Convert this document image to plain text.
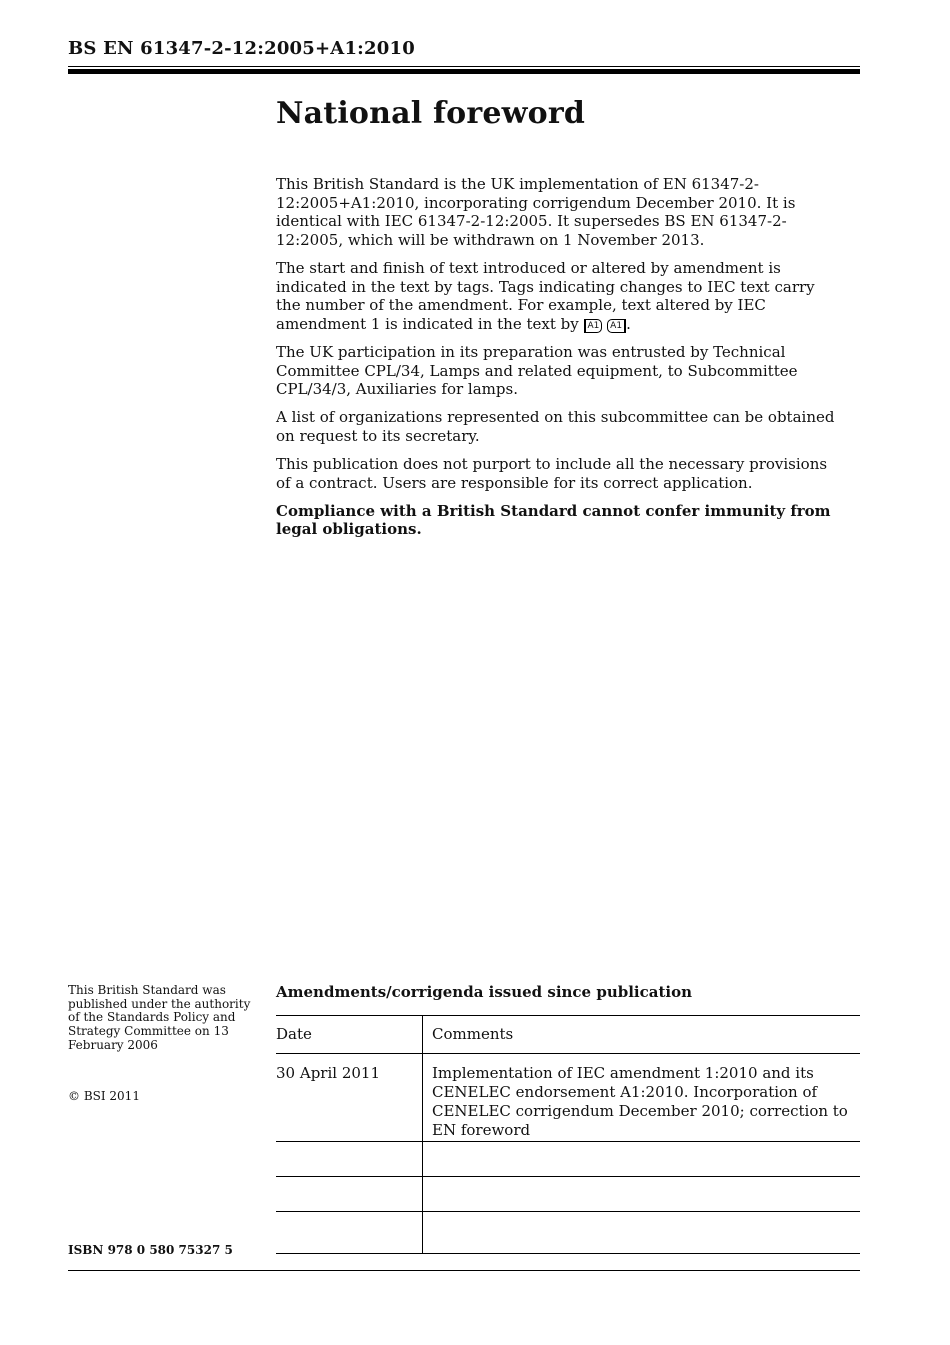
BS EN 61347-2-12:2005+A1:2010
National foreword

This British Standard is the UK implementation of EN 61347-2-12:2005+A1:2010, incorporating corrigendum December 2010. It is identical with IEC 61347-2-12:2005. It supersedes BS EN 61347-2-12:2005, which will be withdrawn on 1 November 2013.

The start and finish of text introduced or altered by amendment is indicated in the text by tags. Tags indicating changes to IEC text carry the number of the amendment. For example, text altered by IEC amendment 1 is indicated in the text by A1 A1 .

The UK participation in its preparation was entrusted by Technical Committee CPL/34, Lamps and related equipment, to Subcommittee CPL/34/3, Auxiliaries for lamps.

A list of organizations represented on this subcommittee can be obtained on request to its secretary.

This publication does not purport to include all the necessary provisions of a contract. Users are responsible for its correct application.

Compliance with a British Standard cannot confer immunity from legal obligations.

This British Standard was published under the authority of the Standards Policy and Strategy Committee on 13 February 2006
© BSI 2011
ISBN 978 0 580 75327 5
Amendments/corrigenda issued since publication
Date	Comments
30 April 2011	Implementation of IEC amendment 1:2010 and its CENELEC endorsement A1:2010. Incorporation of CENELEC corrigendum December 2010; correction to EN foreword
